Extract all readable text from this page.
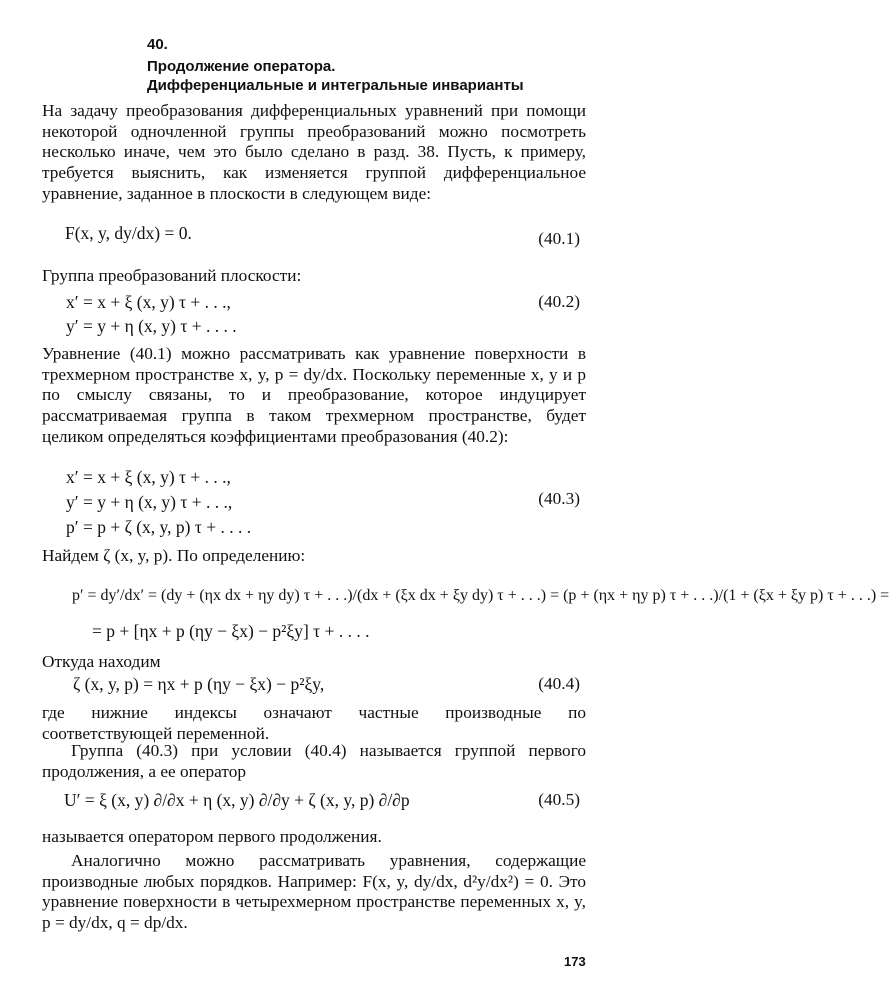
40.

Продолжение оператора.

Дифференциальные и интегральные инварианты

На задачу преобразования дифференциальных уравнений при помощи некоторой одночленной группы преобразований можно посмотреть несколько иначе, чем это было сделано в разд. 38. Пусть, к примеру, требуется выяснить, как изменяется группой дифференциальное уравнение, заданное в плоскости в следующем виде:

F(x, y, dy/dx) = 0.	(40.1)

Группа преобразований плоскости:

x′ = x + ξ (x, y) τ + . . .,	(40.2)

y′ = y + η (x, y) τ + . . . .

Уравнение (40.1) можно рассматривать как уравнение поверхности в трехмерном пространстве x, y, p = dy/dx. Поскольку переменные x, y и p по смыслу связаны, то и преобразование, которое индуцирует рассматриваемая группа в таком трехмерном пространстве, будет целиком определяться коэффициентами преобразования (40.2):

x′ = x + ξ (x, y) τ + . . .,

y′ = y + η (x, y) τ + . . .,	(40.3)

p′ = p + ζ (x, y, p) τ + . . . .

Найдем ζ (x, y, p). По определению:

p′ = dy′/dx′ = (dy + (ηx dx + ηy dy) τ + . . .)/(dx + (ξx dx + ξy dy) τ + . . .) = (p + (ηx + ηy p) τ + . . .)/(1 + (ξx + ξy p) τ + . . .) =

= p + [ηx + p (ηy − ξx) − p²ξy] τ + . . . .

Откуда находим

ζ (x, y, p) = ηx + p (ηy − ξx) − p²ξy,	(40.4)

где нижние индексы означают частные производные по соответствующей переменной.

Группа (40.3) при условии (40.4) называется группой первого продолжения, а ее оператор

U′ = ξ (x, y) ∂/∂x + η (x, y) ∂/∂y + ζ (x, y, p) ∂/∂p	(40.5)

называется оператором первого продолжения.

Аналогично можно рассматривать уравнения, содержащие производные любых порядков. Например: F(x, y, dy/dx, d²y/dx²) = 0. Это уравнение поверхности в четырехмерном пространстве переменных x, y, p = dy/dx, q = dp/dx.

173
